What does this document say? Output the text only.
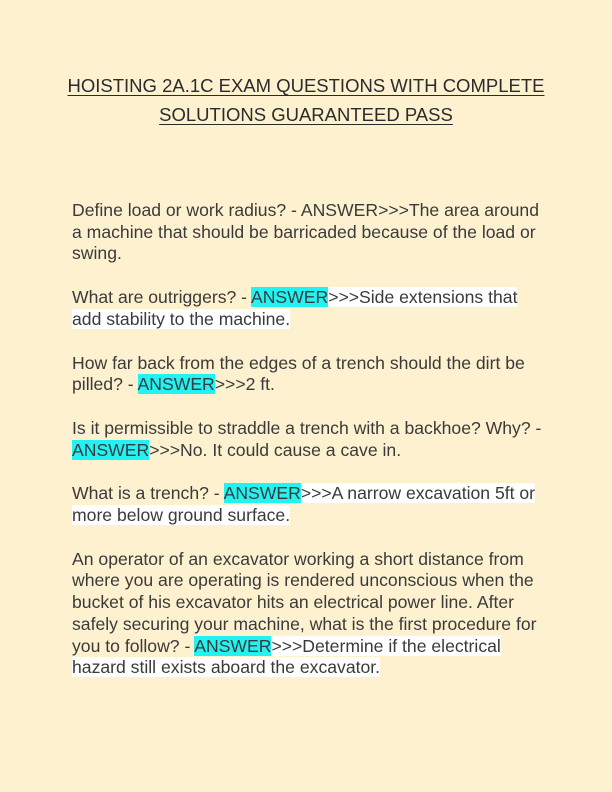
HOISTING 2A.1C EXAM QUESTIONS WITH COMPLETE SOLUTIONS GUARANTEED PASS

Define load or work radius? - ANSWER>>>The area around a machine that should be barricaded because of the load or swing.

What are outriggers? - ANSWER>>>Side extensions that add stability to the machine.

How far back from the edges of a trench should the dirt be pilled? - ANSWER>>>2 ft.

Is it permissible to straddle a trench with a backhoe? Why? - ANSWER>>>No. It could cause a cave in.

What is a trench? - ANSWER>>>A narrow excavation 5ft or more below ground surface.

An operator of an excavator working a short distance from where you are operating is rendered unconscious when the bucket of his excavator hits an electrical power line. After safely securing your machine, what is the first procedure for you to follow? - ANSWER>>>Determine if the electrical hazard still exists aboard the excavator.
